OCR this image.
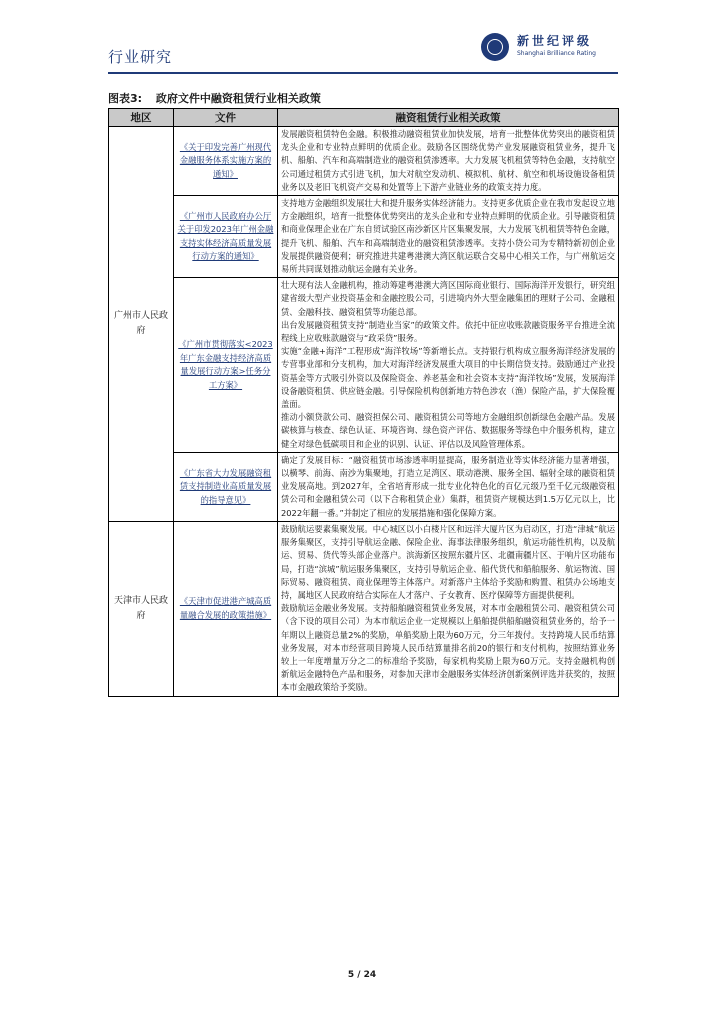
行业研究
新世纪评级
Shanghai Brilliance Rating
图表3: 政府文件中融资租赁行业相关政策
地区	文件	融资租赁行业相关政策
广州市人民政府	《关于印发完善广州现代金融服务体系实施方案的通知》	发展融资租赁特色金融。积极推动融资租赁业加快发展，培育一批整体优势突出的融资租赁龙头企业和专业特点鲜明的优质企业。鼓励各区围绕优势产业发展融资租赁业务，提升飞机、船舶、汽车和高端制造业的融资租赁渗透率。大力发展飞机租赁等特色金融，支持航空公司通过租赁方式引进飞机，加大对航空发动机、模拟机、航材、航空和机场设施设备租赁业务以及老旧飞机资产交易和处置等上下游产业链业务的政策支持力度。

	《广州市人民政府办公厅关于印发2023年广州金融支持实体经济高质量发展行动方案的通知》	支持地方金融组织发展壮大和提升服务实体经济能力。支持更多优质企业在我市发起设立地方金融组织，培育一批整体优势突出的龙头企业和专业特点鲜明的优质企业。引导融资租赁和商业保理企业在广东自贸试验区南沙新区片区集聚发展，大力发展飞机租赁等特色金融，提升飞机、船舶、汽车和高端制造业的融资租赁渗透率。支持小贷公司为专精特新初创企业发展提供融资便利；研究推进共建粤港澳大湾区航运联合交易中心相关工作，与广州航运交易所共同谋划推动航运金融有关业务。

	《广州市贯彻落实<2023年广东金融支持经济高质量发展行动方案>任务分工方案》	壮大现有法人金融机构，推动筹建粤港澳大湾区国际商业银行、国际海洋开发银行，研究组建省级大型产业投资基金和金融控股公司，引进境内外大型金融集团的理财子公司、金融租赁、金融科技、融资租赁等功能总部。

出台发展融资租赁支持“制造业当家”的政策文件。依托中征应收账款融资服务平台推进全流程线上应收账款融资与“政采贷”服务。

实施“金融+海洋”工程形成“海洋牧场”等新增长点。支持银行机构成立服务海洋经济发展的专营事业部和分支机构，加大对海洋经济发展重大项目的中长期信贷支持。鼓励通过产业投资基金等方式吸引外资以及保险资金、养老基金和社会资本支持“海洋牧场”发展，发展海洋设备融资租赁、供应链金融。引导保险机构创新地方特色涉农（渔）保险产品，扩大保险覆盖面。

推动小额贷款公司、融资担保公司、融资租赁公司等地方金融组织创新绿色金融产品。发展碳核算与核查、绿色认证、环境咨询、绿色资产评估、数据服务等绿色中介服务机构，建立健全对绿色低碳项目和企业的识别、认证、评估以及风险管理体系。

	《广东省大力发展融资租赁支持制造业高质量发展的指导意见》	确定了发展目标：“融资租赁市场渗透率明显提高，服务制造业等实体经济能力显著增强，以横琴、前海、南沙为集聚地，打造立足湾区、联动港澳、服务全国、辐射全球的融资租赁业发展高地。到2027年，全省培育形成一批专业化特色化的百亿元级乃至千亿元级融资租赁公司和金融租赁公司（以下合称租赁企业）集群，租赁资产规模达到1.5万亿元以上，比2022年翻一番。”并制定了相应的发展措施和强化保障方案。

天津市人民政府	《天津市促进港产城高质量融合发展的政策措施》	鼓励航运要素集聚发展。中心城区以小白楼片区和远洋大厦片区为启动区，打造“津城”航运服务集聚区，支持引导航运金融、保险企业、海事法律服务组织，航运功能性机构，以及航运、贸易、货代等头部企业落户。滨海新区按照东疆片区、北疆南疆片区、于响片区功能布局，打造“滨城”航运服务集聚区，支持引导航运企业、船代货代和船舶服务、航运物流、国际贸易、融资租赁、商业保理等主体落户。对新落户主体给予奖励和购置、租赁办公场地支持，属地区人民政府结合实际在人才落户、子女教育、医疗保障等方面提供便利。

鼓励航运金融业务发展。支持船舶融资租赁业务发展，对本市金融租赁公司、融资租赁公司（含下设的项目公司）为本市航运企业一定规模以上船舶提供船舶融资租赁业务的，给予一年期以上融资总量2%的奖励，单船奖励上限为60万元，分三年拨付。支持跨境人民币结算业务发展，对本市经营项目跨境人民币结算量排名前20的银行和支付机构，按照结算业务较上一年度增量万分之二的标准给予奖励，每家机构奖励上限为60万元。支持金融机构创新航运金融特色产品和服务，对参加天津市金融服务实体经济创新案例评选并获奖的，按照本市金融政策给予奖励。

5 / 24
